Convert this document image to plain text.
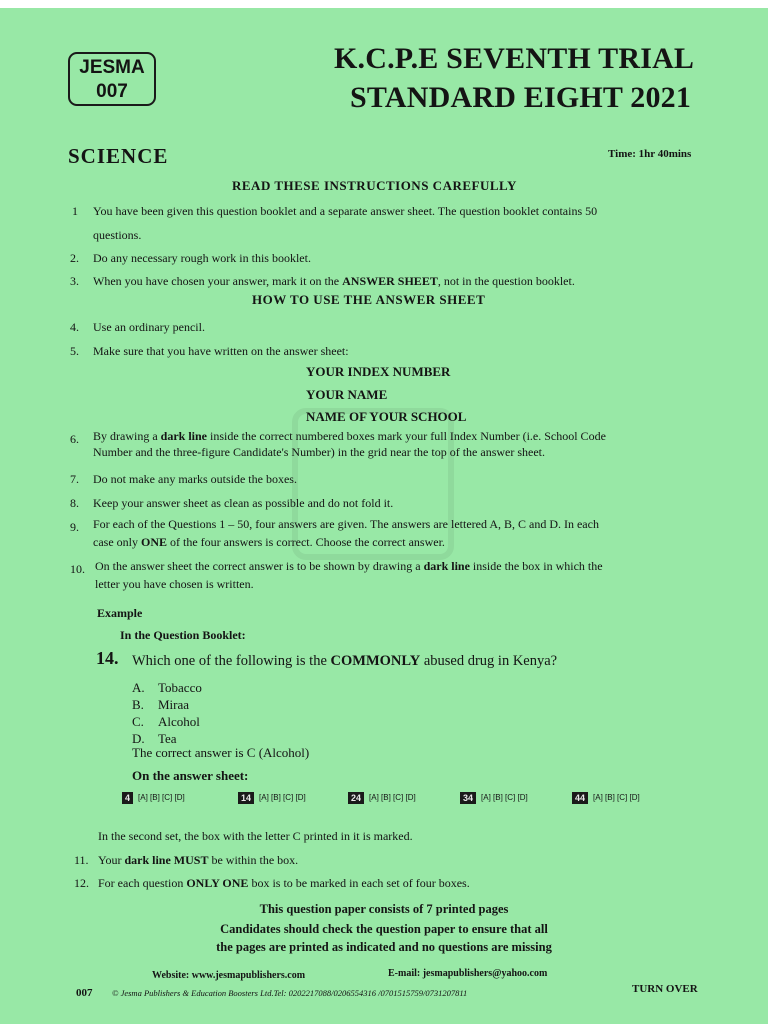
JESMA
007

K.C.P.E SEVENTH TRIAL

STANDARD EIGHT 2021

SCIENCE	Time: 1hr 40mins

READ THESE INSTRUCTIONS CAREFULLY

1 You have been given this question booklet and a separate answer sheet. The question booklet contains 50
questions.
2. Do any necessary rough work in this booklet.
3. When you have chosen your answer, mark it on the ANSWER SHEET, not in the question booklet.

HOW TO USE THE ANSWER SHEET

4. Use an ordinary pencil.
5. Make sure that you have written on the answer sheet:
YOUR INDEX NUMBER
YOUR NAME
NAME OF YOUR SCHOOL
6. By drawing a dark line inside the correct numbered boxes mark your full Index Number (i.e. School Code
Number and the three-figure Candidate's Number) in the grid near the top of the answer sheet.
7. Do not make any marks outside the boxes.
8. Keep your answer sheet as clean as possible and do not fold it.
9. For each of the Questions 1 – 50, four answers are given. The answers are lettered A, B, C and D. In each
case only ONE of the four answers is correct. Choose the correct answer.
10. On the answer sheet the correct answer is to be shown by drawing a dark line inside the box in which the
letter you have chosen is written.
Example
In the Question Booklet:

14. Which one of the following is the COMMONLY abused drug in Kenya?

A. Tobacco
B. Miraa
C. Alcohol
D. Tea
The correct answer is C (Alcohol)
On the answer sheet:
4 [A] [B] [C] [D]	14 [A] [B] [C] [D]	24 [A] [B] [C] [D]	34 [A] [B] [C] [D]	44 [A] [B] [C] [D]
In the second set, the box with the letter C printed in it is marked.
11. Your dark line MUST be within the box.
12. For each question ONLY ONE box is to be marked in each set of four boxes.

This question paper consists of 7 printed pages

Candidates should check the question paper to ensure that all

the pages are printed as indicated and no questions are missing

Website: www.jesmapublishers.com	E-mail: jesmapublishers@yahoo.com
007 © Jesma Publishers & Education Boosters Ltd.Tel: 0202217088/0206554316 /0701515759/0731207811	TURN OVER
